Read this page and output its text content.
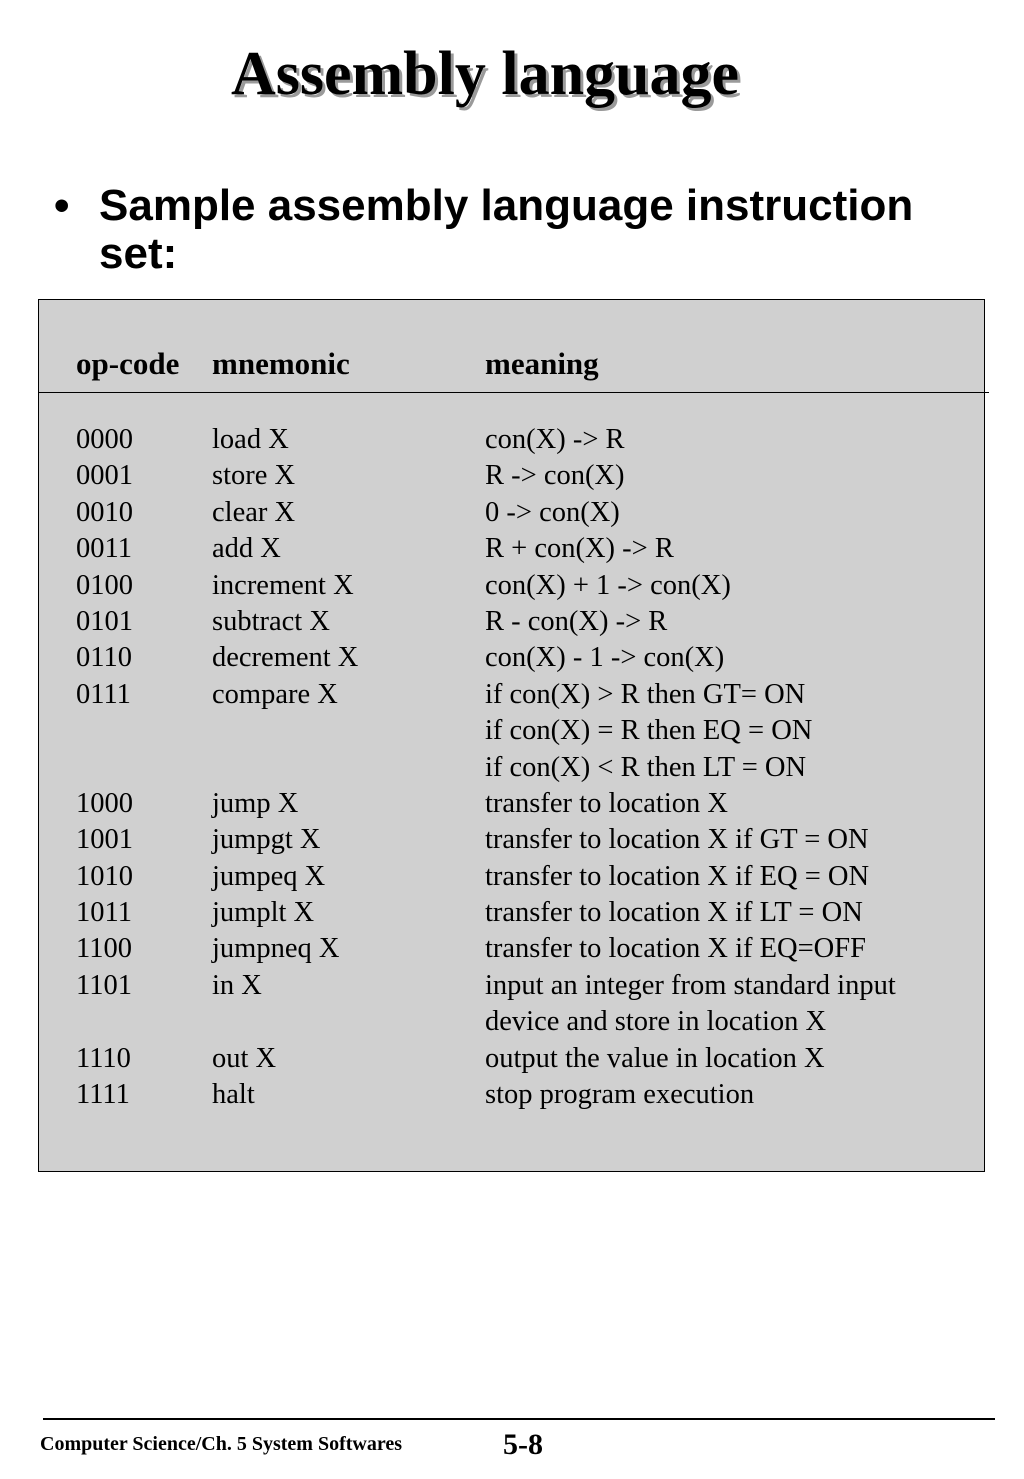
Assembly language
• Sample assembly language instruction set:
op-code mnemonic	meaning
0000	load X	con(X) -> R
0001	store X	R -> con(X)
0010	clear X	0 -> con(X)
0011	add X	R + con(X) -> R
0100	increment X	con(X) + 1 -> con(X)
0101	subtract X	R - con(X) -> R
0110	decrement X	con(X) - 1 -> con(X)
0111	compare X	if con(X) > R then GT= ON
if con(X) = R then EQ = ON
if con(X) < R then LT = ON
1000	jump X	transfer to location X
1001	jumpgt X	transfer to location X if GT = ON
1010	jumpeq X	transfer to location X if EQ = ON
1011	jumplt X	transfer to location X if LT = ON
1100	jumpneq X	transfer to location X if EQ=OFF
1101	in X	input an integer from standard input
device and store in location X
1110	out X	output the value in location X
1111	halt	stop program execution
Computer Science/Ch. 5 System Softwares	5-8
